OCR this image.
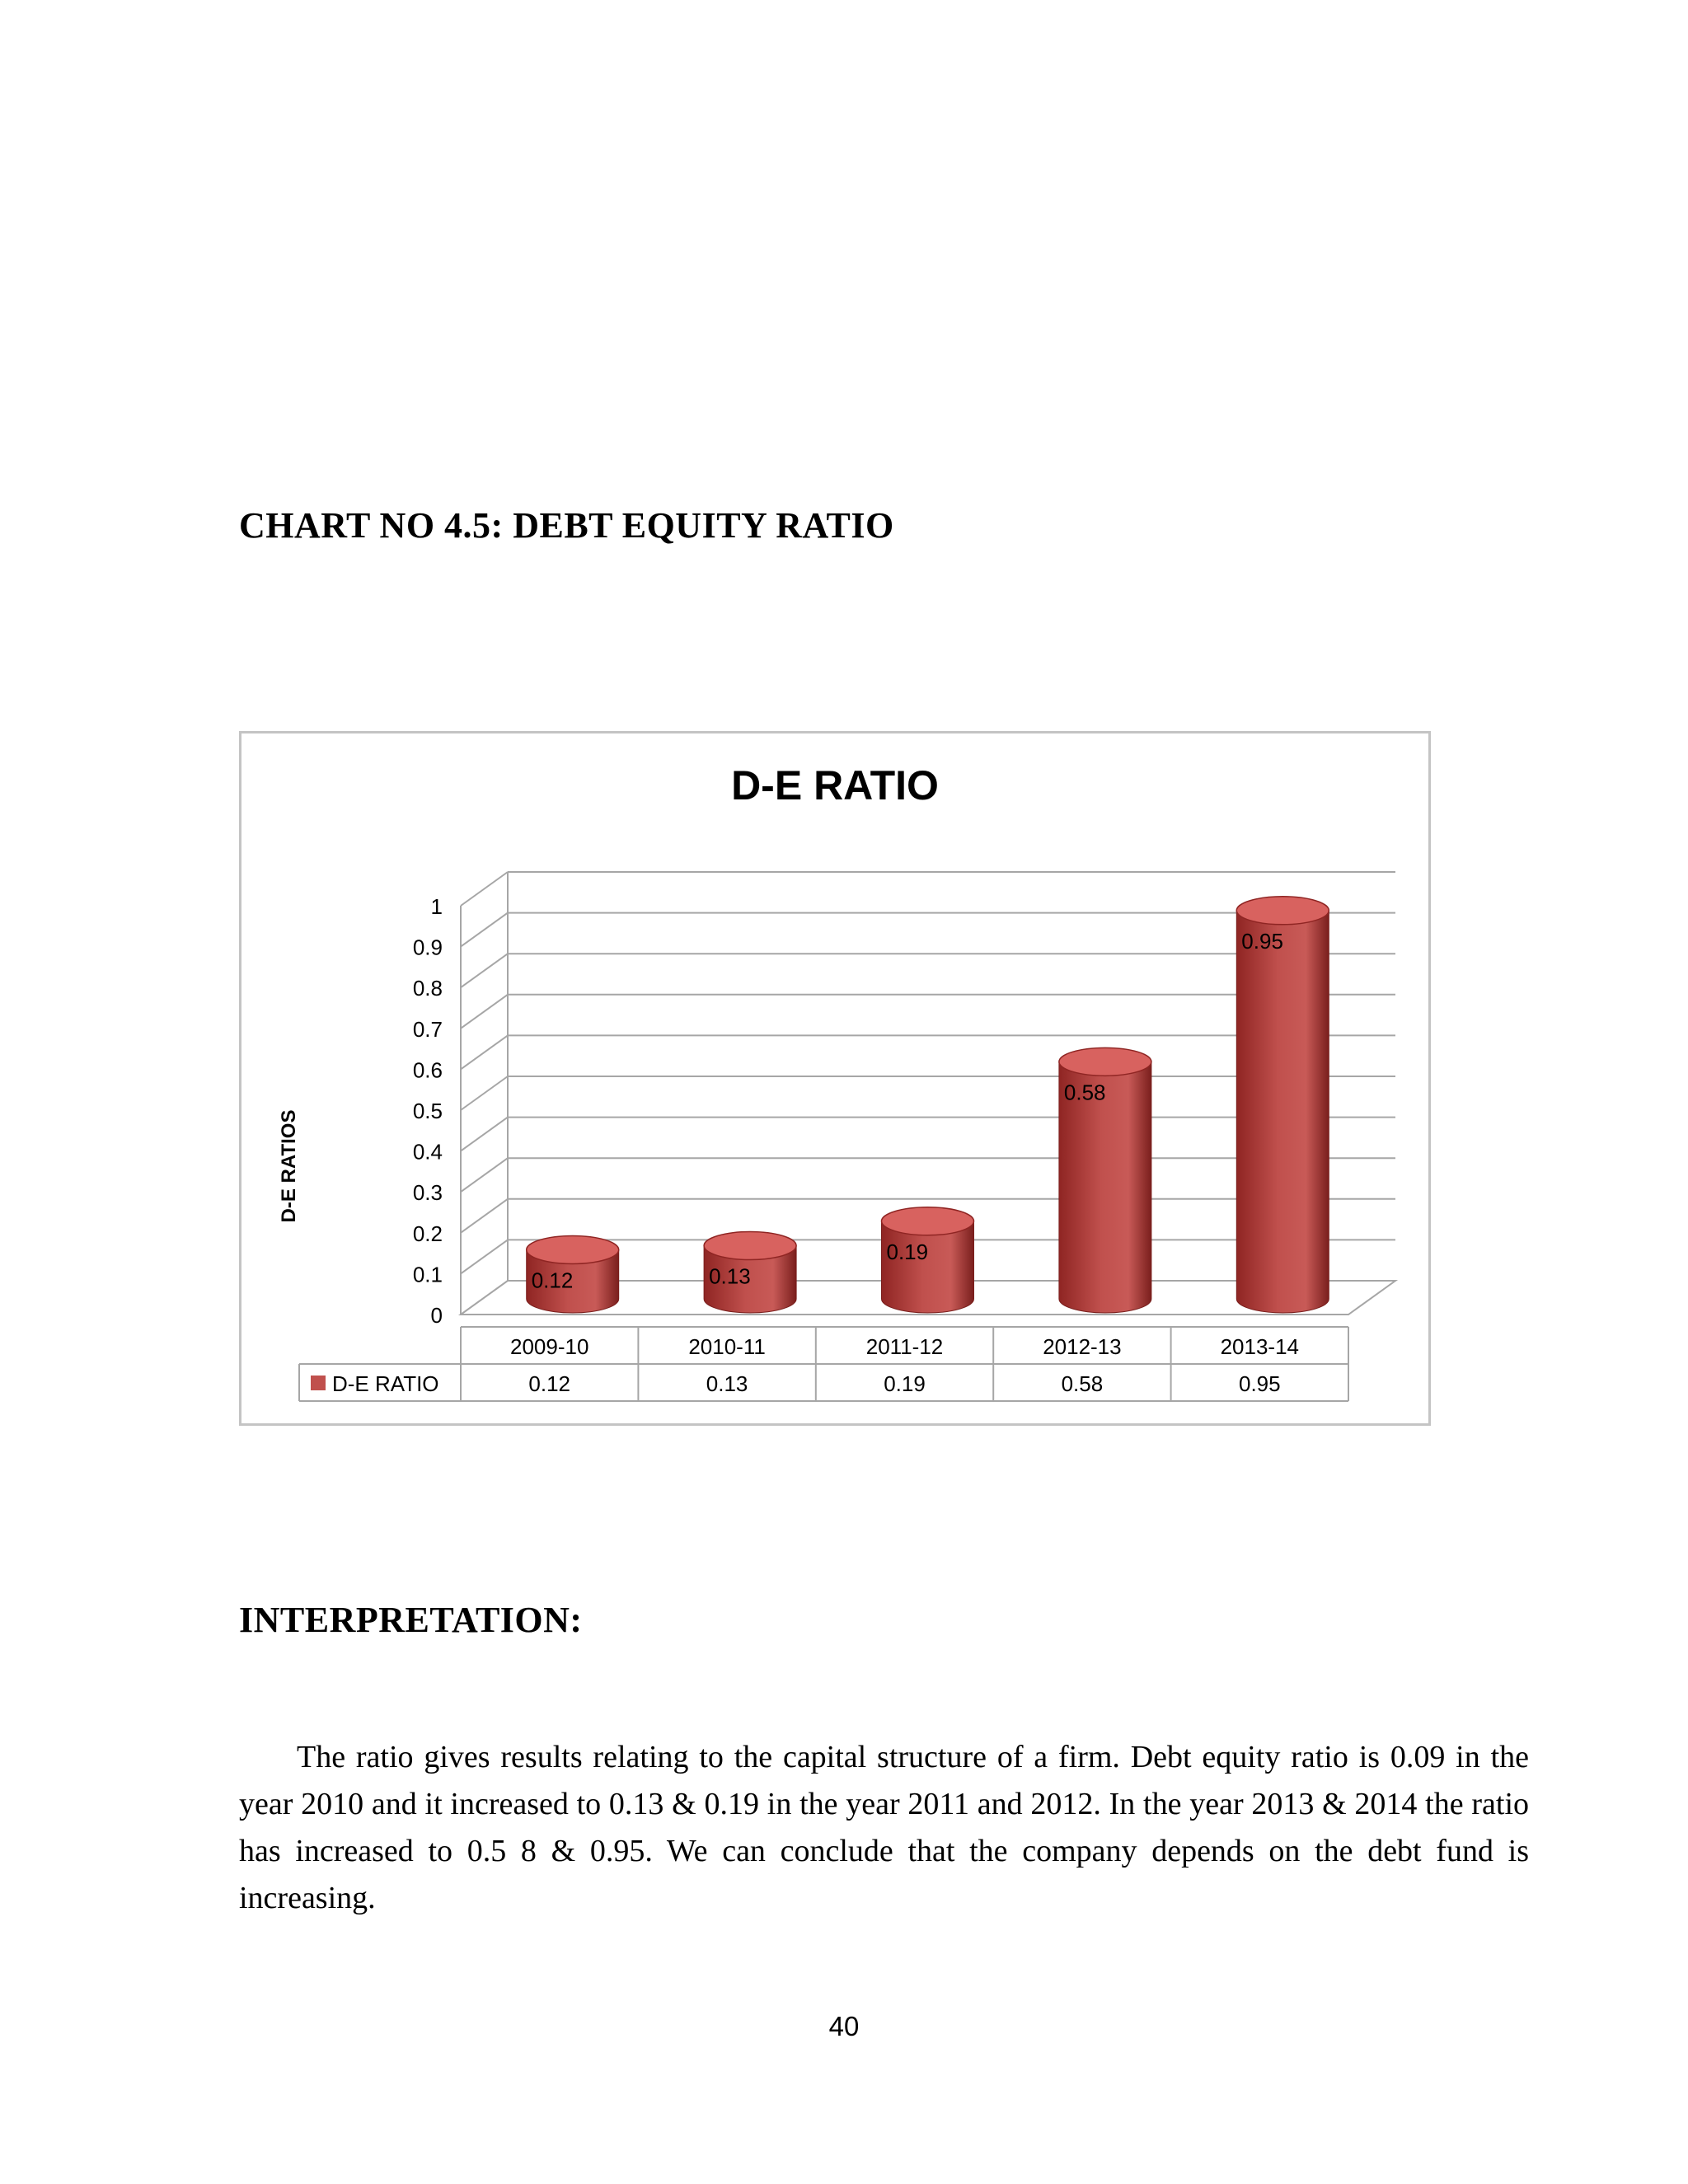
CHART NO 4.5: DEBT EQUITY RATIO
0
0.1
0.2
0.3
0.4
0.5
0.6
0.7
0.8
0.9
1
D-E RATIO
D-E RATIOS
0.12	0.13
0.19
0.58
0.95
2009-10
0.12
2010-11
0.13
2011-12
0.19
2012-13
0.58
2013-14
0.95
D-E RATIO
INTERPRETATION:

The ratio gives results relating to the capital structure of a firm. Debt equity ratio is 0.09 in the year 2010 and it increased to 0.13 & 0.19 in the year 2011 and 2012. In the year 2013 & 2014 the ratio has increased to 0.5 8 & 0.95. We can conclude that the company depends on the debt fund is increasing.

40
